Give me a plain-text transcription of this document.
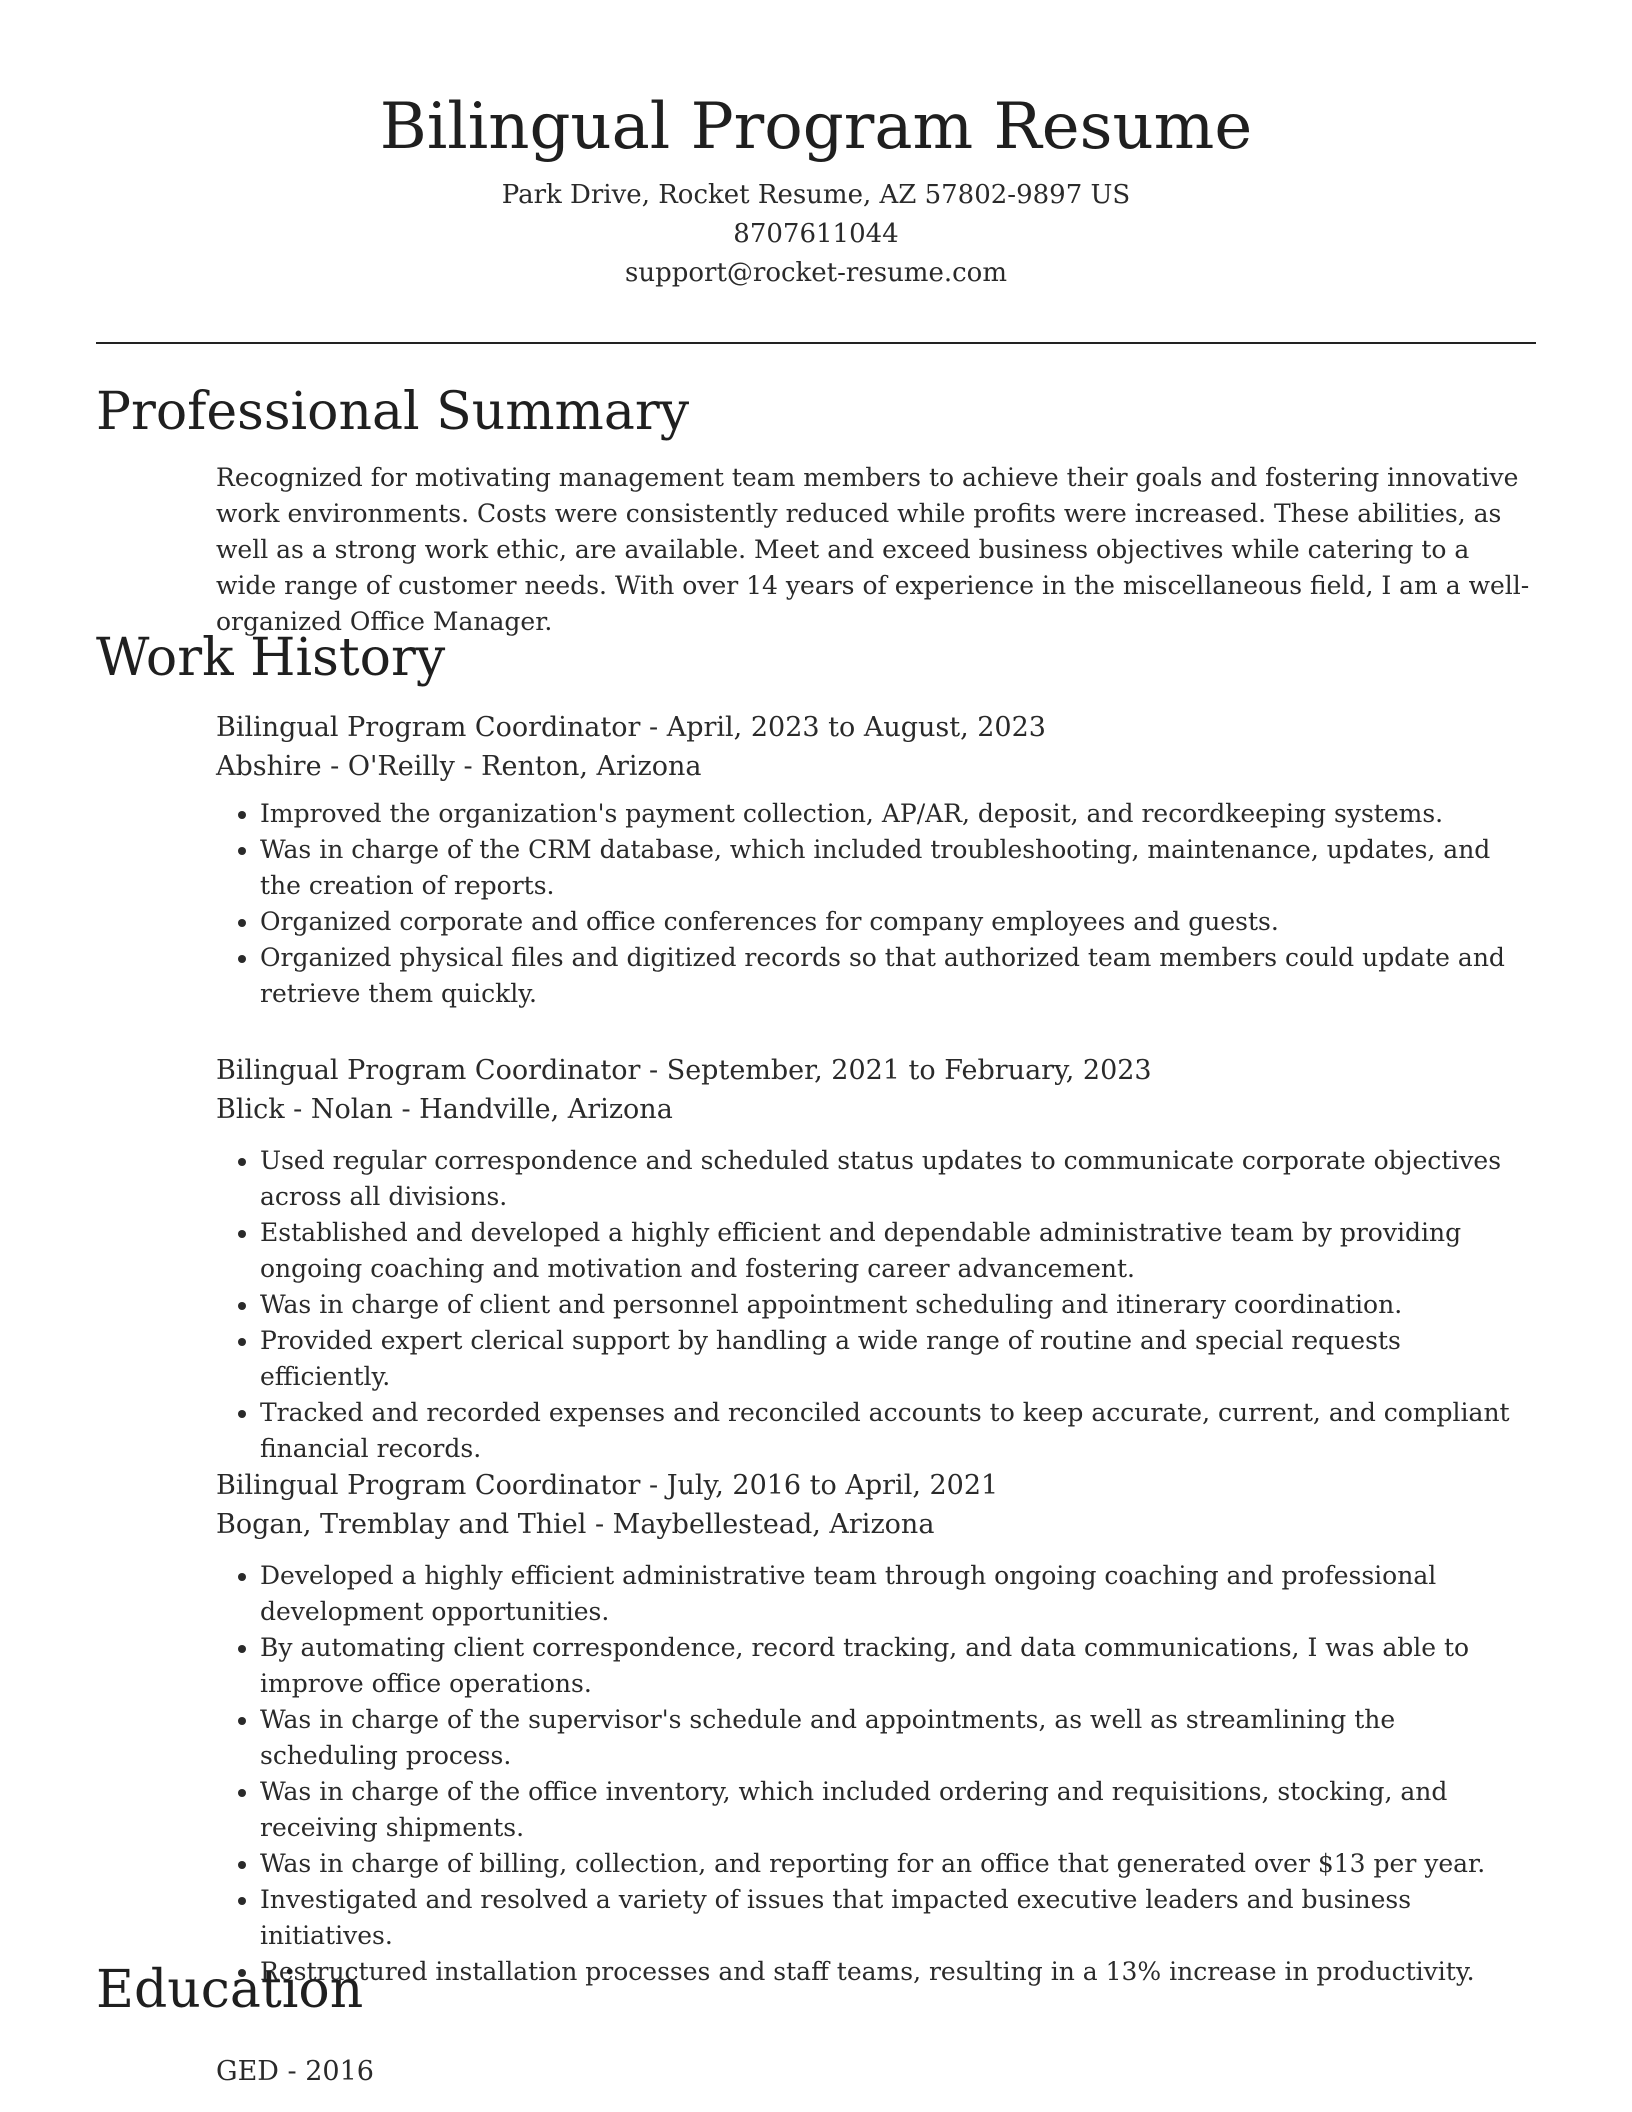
Bilingual Program Resume
Park Drive, Rocket Resume, AZ 57802-9897 US
8707611044
support@rocket-resume.com
Professional Summary

Recognized for motivating management team members to achieve their goals and fostering innovative work environments. Costs were consistently reduced while profits were increased. These abilities, as well as a strong work ethic, are available. Meet and exceed business objectives while catering to a wide range of customer needs. With over 14 years of experience in the miscellaneous field, I am a well-organized Office Manager.

Work History
Bilingual Program Coordinator - April, 2023 to August, 2023
Abshire - O'Reilly - Renton, Arizona
• Improved the organization's payment collection, AP/AR, deposit, and recordkeeping systems.
• Was in charge of the CRM database, which included troubleshooting, maintenance, updates, and the creation of reports.
• Organized corporate and office conferences for company employees and guests.
• Organized physical files and digitized records so that authorized team members could update and retrieve them quickly.
Bilingual Program Coordinator - September, 2021 to February, 2023
Blick - Nolan - Handville, Arizona
• Used regular correspondence and scheduled status updates to communicate corporate objectives across all divisions.
• Established and developed a highly efficient and dependable administrative team by providing ongoing coaching and motivation and fostering career advancement.
• Was in charge of client and personnel appointment scheduling and itinerary coordination.
• Provided expert clerical support by handling a wide range of routine and special requests efficiently.
• Tracked and recorded expenses and reconciled accounts to keep accurate, current, and compliant financial records.
Bilingual Program Coordinator - July, 2016 to April, 2021
Bogan, Tremblay and Thiel - Maybellestead, Arizona
• Developed a highly efficient administrative team through ongoing coaching and professional development opportunities.
• By automating client correspondence, record tracking, and data communications, I was able to improve office operations.
• Was in charge of the supervisor's schedule and appointments, as well as streamlining the scheduling process.
• Was in charge of the office inventory, which included ordering and requisitions, stocking, and receiving shipments.
• Was in charge of billing, collection, and reporting for an office that generated over $13 per year.
• Investigated and resolved a variety of issues that impacted executive leaders and business initiatives.
• Restructured installation processes and staff teams, resulting in a 13% increase in productivity.
Education
GED - 2016
